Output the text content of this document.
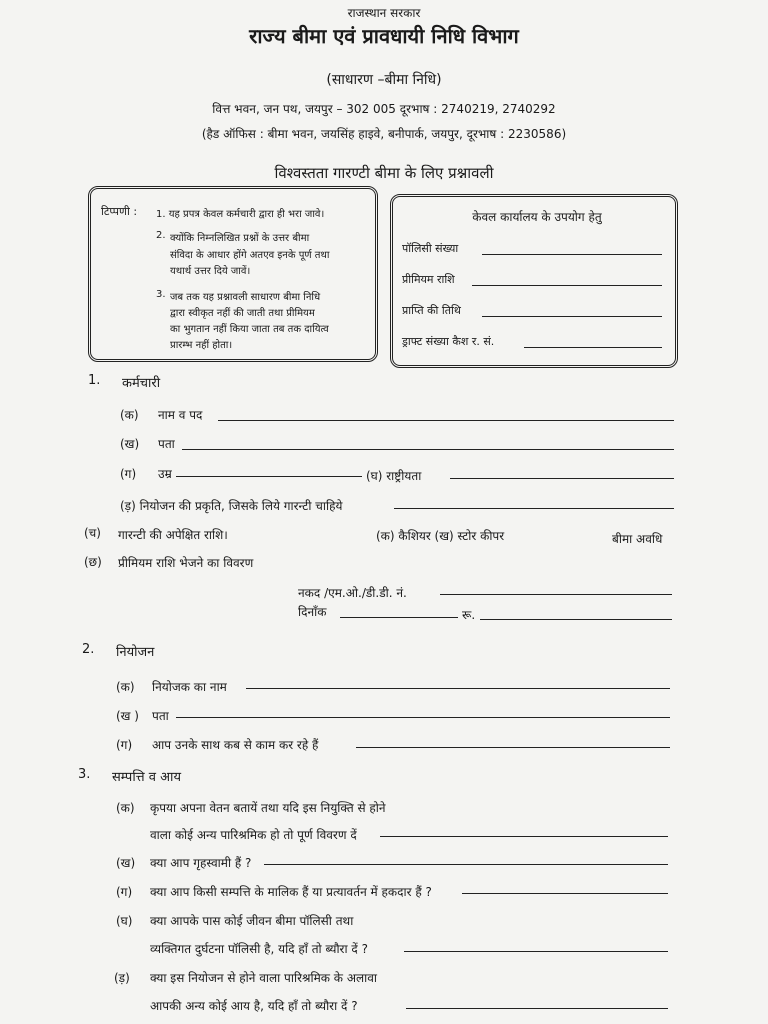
राजस्थान सरकार
राज्य बीमा एवं प्रावधायी निधि विभाग
(साधारण –बीमा निधि)
वित्त भवन, जन पथ, जयपुर – 302 005 दूरभाष : 2740219, 2740292
(हैड ऑफिस : बीमा भवन, जयसिंह हाइवे, बनीपार्क, जयपुर, दूरभाष : 2230586)
विश्वस्तता गारण्टी बीमा के लिए प्रश्नावली
टिप्पणी : 1. यह प्रपत्र केवल कर्मचारी द्वारा ही भरा जावे।
2. क्योंकि निम्नलिखित प्रश्नों के उत्तर बीमा
संविदा के आधार होंगे अतएव इनके पूर्ण तथा
यथार्थ उत्तर दिये जावें।
3. जब तक यह प्रश्नावली साधारण बीमा निधि
द्वारा स्वीकृत नहीं की जाती तथा प्रीमियम
का भुगतान नहीं किया जाता तब तक दायित्व
प्रारम्भ नहीं होता।
केवल कार्यालय के उपयोग हेतु
पॉलिसी संख्या
प्रीमियम राशि
प्राप्ति की तिथि
ड्राफ्ट संख्या कैश र. सं.
1. कर्मचारी
(क) नाम व पद
(ख) पता
(ग) उम्र	(घ) राष्ट्रीयता
(ड़) नियोजन की प्रकृति, जिसके लिये गारन्टी चाहिये
(च) गारन्टी की अपेक्षित राशि।	(क) कैशियर (ख) स्टोर कीपर	बीमा अवधि
(छ) प्रीमियम राशि भेजने का विवरण
नकद /एम.ओ./डी.डी. नं.
दिनाँक	रू.
2. नियोजन
(क) नियोजक का नाम
(ख ) पता
(ग) आप उनके साथ कब से काम कर रहे हैं
3. सम्पत्ति व आय
(क) कृपया अपना वेतन बतायें तथा यदि इस नियुक्ति से होने
वाला कोई अन्य पारिश्रमिक हो तो पूर्ण विवरण दें
(ख) क्या आप गृहस्वामी हैं ?
(ग) क्या आप किसी सम्पत्ति के मालिक हैं या प्रत्यावर्तन में हकदार हैं ?
(घ) क्या आपके पास कोई जीवन बीमा पॉलिसी तथा
व्यक्तिगत दुर्घटना पॉलिसी है, यदि हाँ तो ब्यौरा दें ?
(ड़) क्या इस नियोजन से होने वाला पारिश्रमिक के अलावा
आपकी अन्य कोई आय है, यदि हाँ तो ब्यौरा दें ?
